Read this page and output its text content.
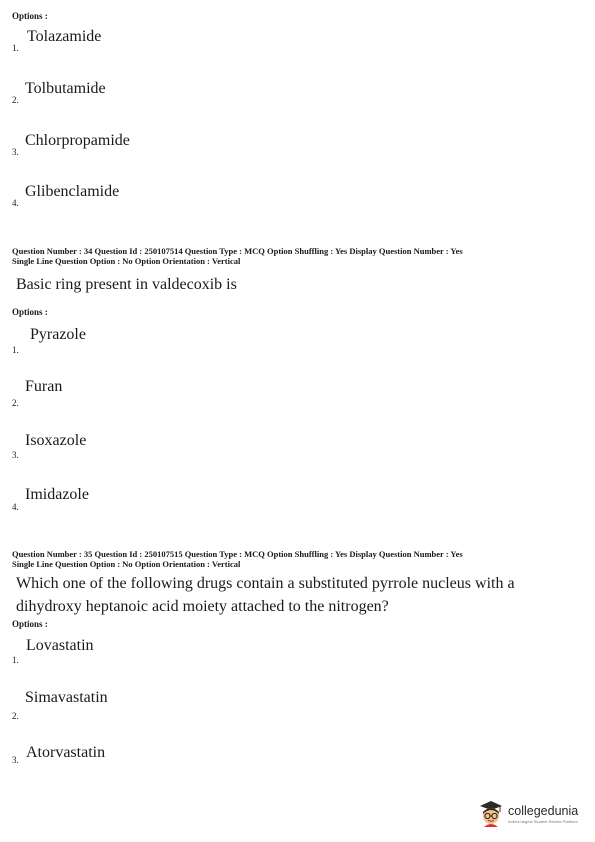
Options :
Tolazamide
1.
Tolbutamide
2.
Chlorpropamide
3.
Glibenclamide
4.
Question Number : 34 Question Id : 250107514 Question Type : MCQ Option Shuffling : Yes Display Question Number : Yes
Single Line Question Option : No Option Orientation : Vertical
Basic ring present in valdecoxib is
Options :
Pyrazole
1.
Furan
2.
Isoxazole
3.
Imidazole
4.
Question Number : 35 Question Id : 250107515 Question Type : MCQ Option Shuffling : Yes Display Question Number : Yes
Single Line Question Option : No Option Orientation : Vertical
Which one of the following drugs contain a substituted pyrrole nucleus with a
dihydroxy heptanoic acid moiety attached to the nitrogen?
Options :
Lovastatin
1.
Simavastatin
2.
Atorvastatin
3.
collegedunia
India's largest Student Review Platform
